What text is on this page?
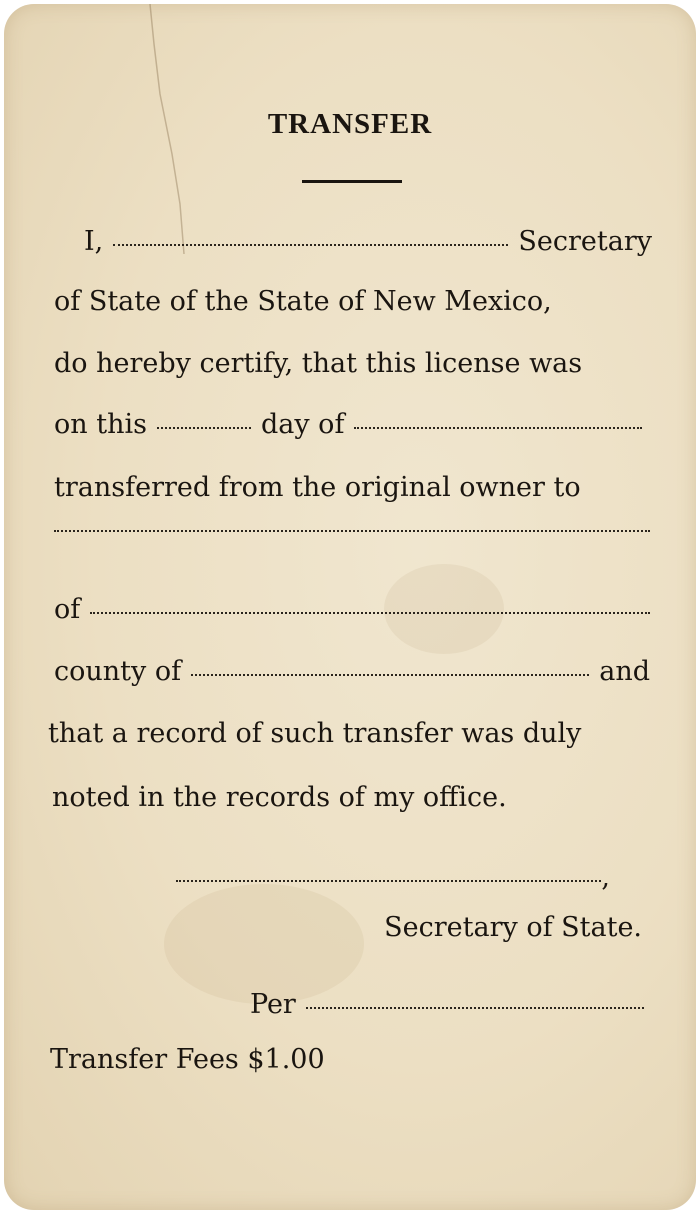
TRANSFER
I,	Secretary
of State of the State of New Mexico,
do hereby certify, that this license was
on this	day of
transferred from the original owner to
of
county of	and
that a record of such transfer was duly
noted in the records of my office.
,
Secretary of State.
Per
Transfer Fees $1.00
